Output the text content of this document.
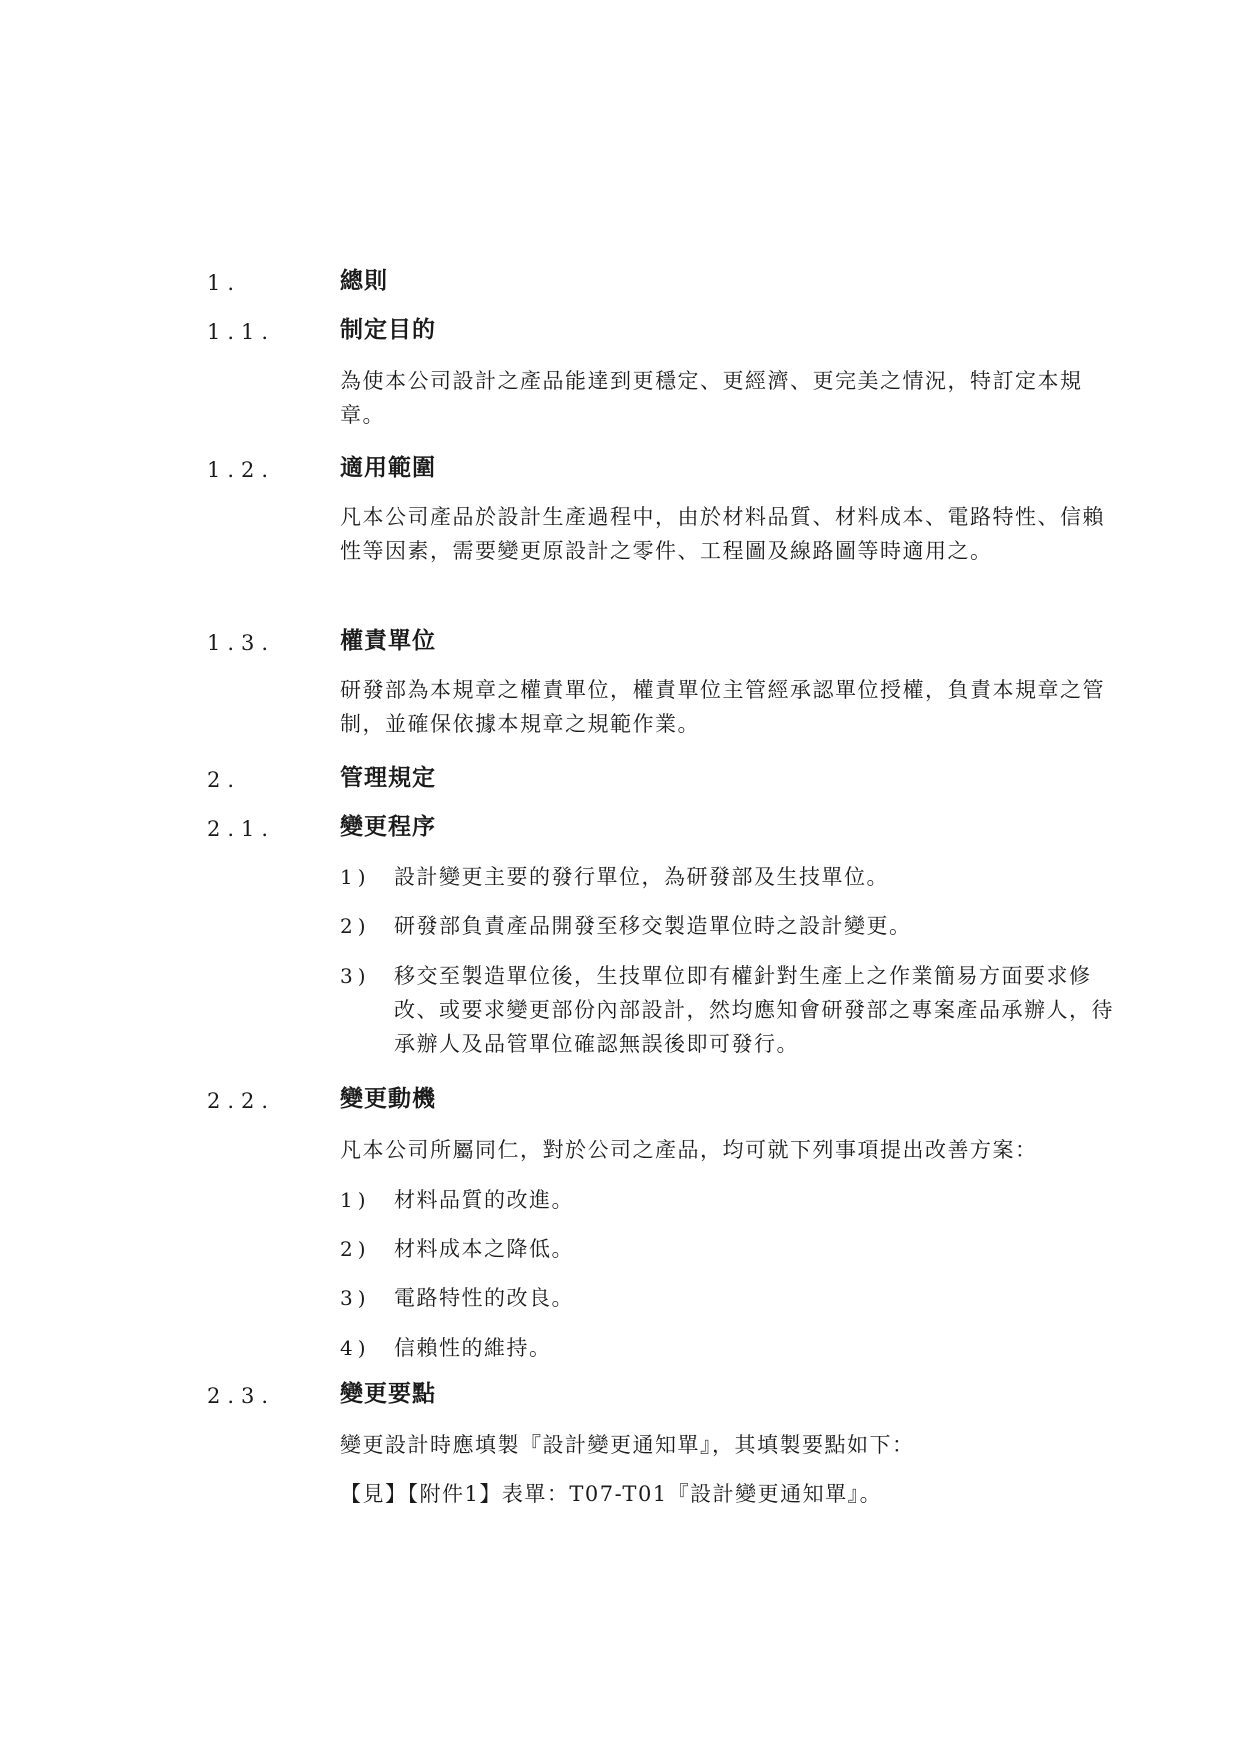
1.	總則
1.1.	制定目的
為使本公司設計之產品能達到更穩定、更經濟、更完美之情況，特訂定本規章。
1.2.	適用範圍
凡本公司產品於設計生產過程中，由於材料品質、材料成本、電路特性、信賴性等因素，需要變更原設計之零件、工程圖及線路圖等時適用之。
1.3.	權責單位
研發部為本規章之權責單位，權責單位主管經承認單位授權，負責本規章之管制，並確保依據本規章之規範作業。
2.	管理規定
2.1.	變更程序
1) 設計變更主要的發行單位，為研發部及生技單位。
2) 研發部負責產品開發至移交製造單位時之設計變更。
3) 移交至製造單位後，生技單位即有權針對生產上之作業簡易方面要求修改、或要求變更部份內部設計，然均應知會研發部之專案產品承辦人，待承辦人及品管單位確認無誤後即可發行。
2.2.	變更動機
凡本公司所屬同仁，對於公司之產品，均可就下列事項提出改善方案：
1) 材料品質的改進。
2) 材料成本之降低。
3) 電路特性的改良。
4) 信賴性的維持。
2.3.	變更要點
變更設計時應填製『設計變更通知單』，其填製要點如下：
【見】【附件1】表單：T07-T01『設計變更通知單』。
